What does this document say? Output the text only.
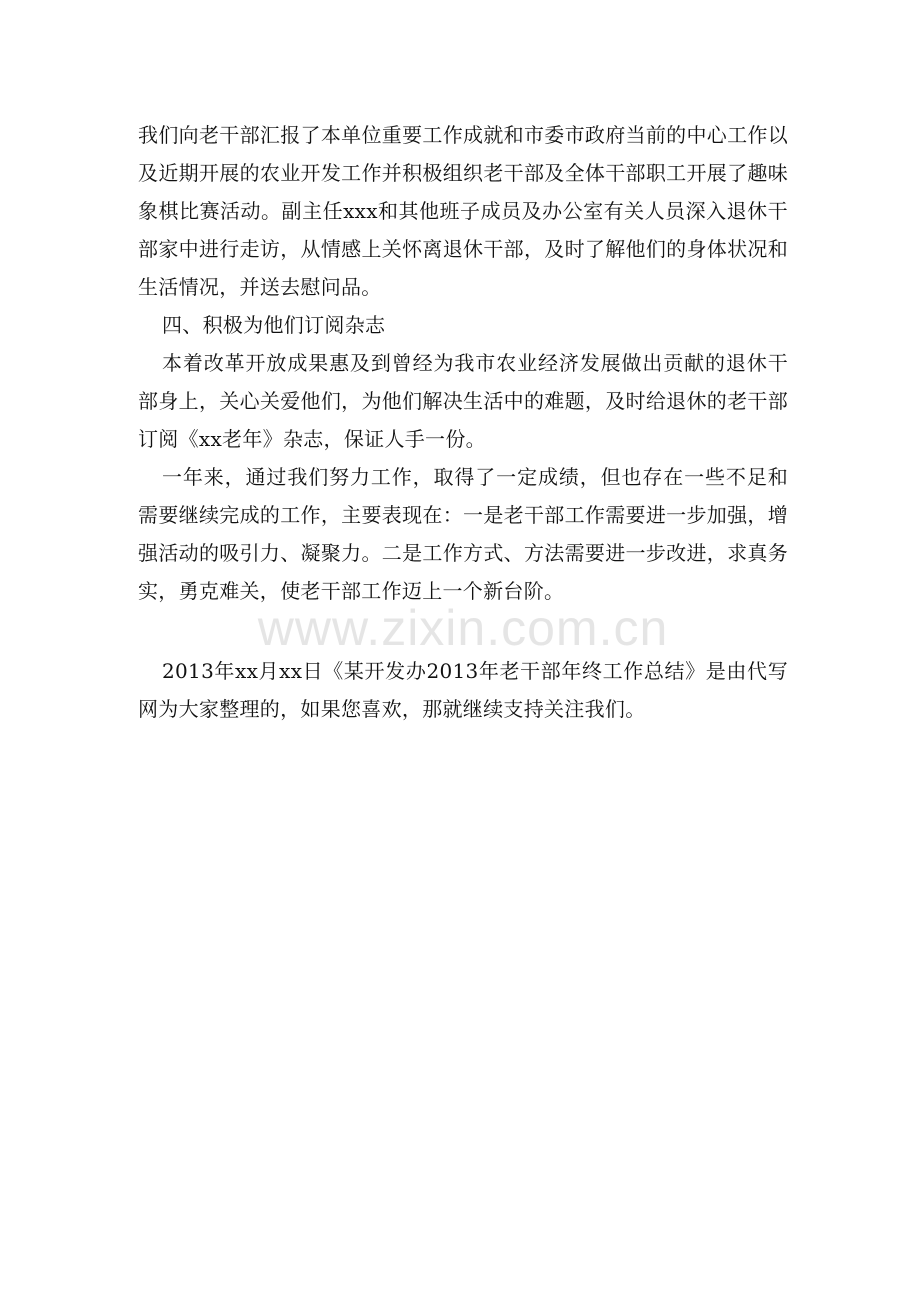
我们向老干部汇报了本单位重要工作成就和市委市政府当前的中心工作以及近期开展的农业开发工作并积极组织老干部及全体干部职工开展了趣味象棋比赛活动。副主任xxx和其他班子成员及办公室有关人员深入退休干部家中进行走访，从情感上关怀离退休干部，及时了解他们的身体状况和生活情况，并送去慰问品。

四、积极为他们订阅杂志

本着改革开放成果惠及到曾经为我市农业经济发展做出贡献的退休干部身上，关心关爱他们，为他们解决生活中的难题，及时给退休的老干部订阅《xx老年》杂志，保证人手一份。

一年来，通过我们努力工作，取得了一定成绩，但也存在一些不足和需要继续完成的工作，主要表现在：一是老干部工作需要进一步加强，增强活动的吸引力、凝聚力。二是工作方式、方法需要进一步改进，求真务实，勇克难关，使老干部工作迈上一个新台阶。

2013年xx月xx日《某开发办2013年老干部年终工作总结》是由代写网为大家整理的，如果您喜欢，那就继续支持关注我们。

www.zixin.com.cn
